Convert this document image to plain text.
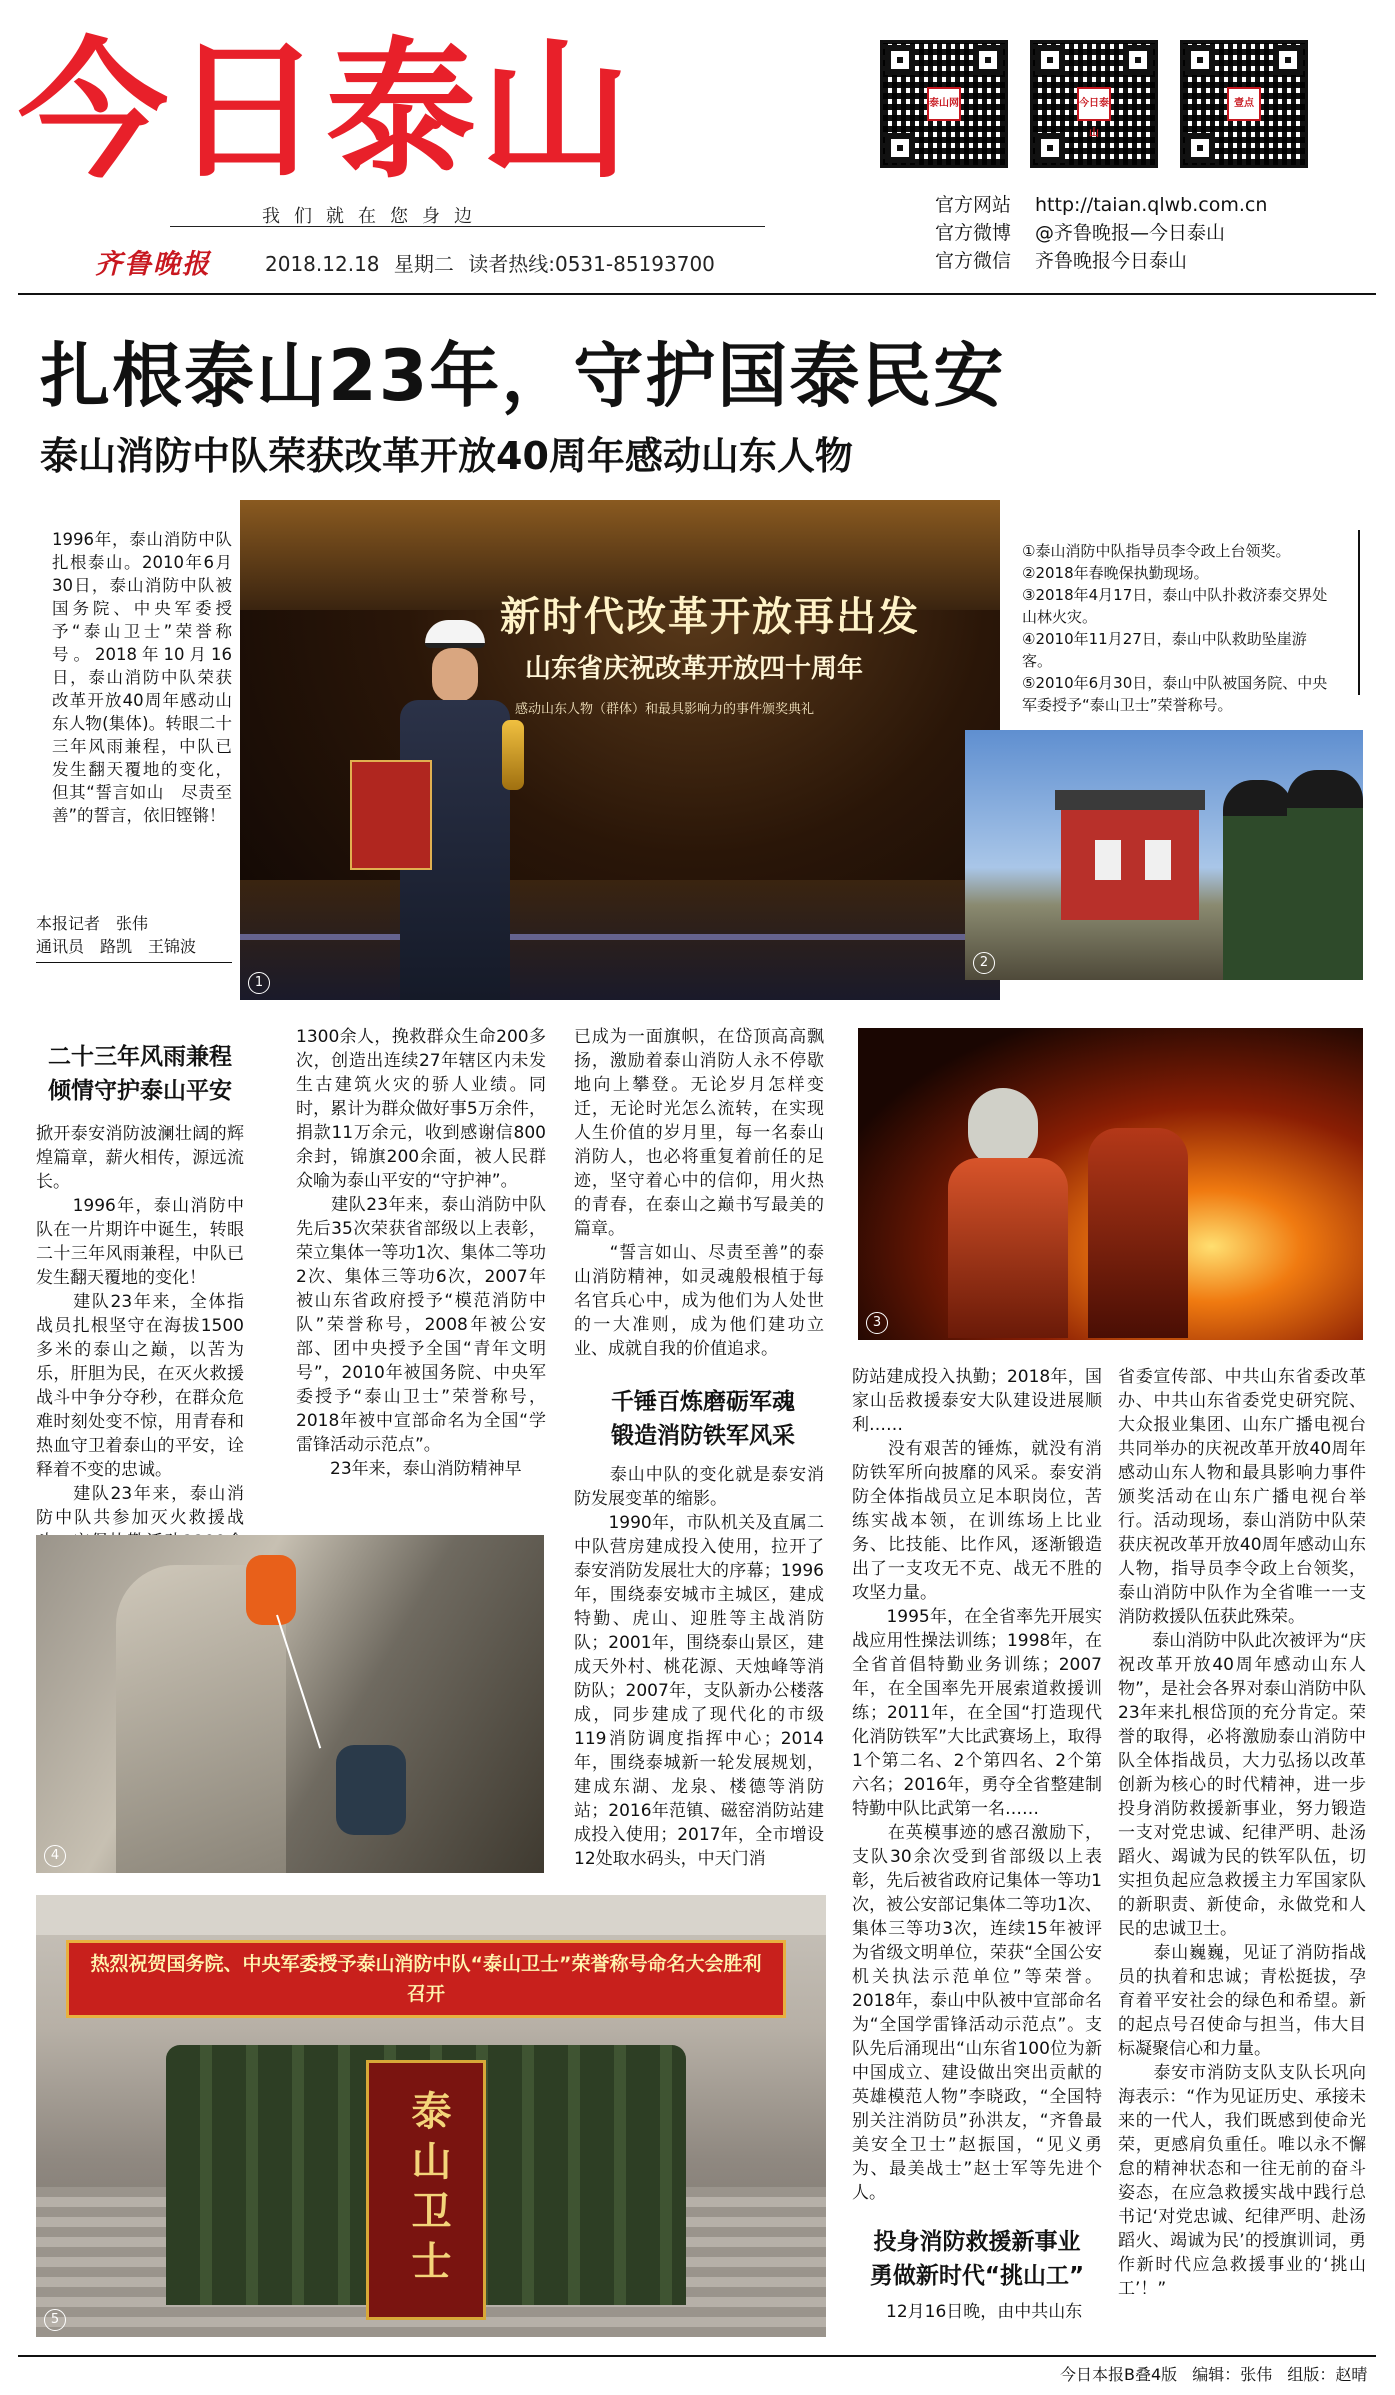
今日泰山
我们就在您身边
齐鲁晚报	2018.12.18 星期二 读者热线:0531-85193700
泰山网	今日泰山
壹点
官方网站 http://taian.qlwb.com.cn
官方微博 @齐鲁晚报—今日泰山
官方微信 齐鲁晚报今日泰山
扎根泰山23年，守护国泰民安
泰山消防中队荣获改革开放40周年感动山东人物
1996年，泰山消防中队扎根泰山。2010年6月30日，泰山消防中队被国务院、中央军委授予“泰山卫士”荣誉称号。2018年10月16日，泰山消防中队荣获改革开放40周年感动山东人物(集体)。转眼二十三年风雨兼程，中队已发生翻天覆地的变化，但其“誓言如山　尽责至善”的誓言，依旧铿锵！
本报记者　张伟
通讯员　路凯　王锦波
新时代改革开放再出发
山东省庆祝改革开放四十周年
感动山东人物（群体）和最具影响力的事件颁奖典礼
1
①泰山消防中队指导员李令政上台领奖。
②2018年春晚保执勤现场。
③2018年4月17日，泰山中队扑救济泰交界处山林火灾。
④2010年11月27日，泰山中队救助坠崖游客。
⑤2010年6月30日，泰山中队被国务院、中央军委授予“泰山卫士”荣誉称号。
2
二十三年风雨兼程
倾情守护泰山平安
掀开泰安消防波澜壮阔的辉煌篇章，薪火相传，源远流长。
　　1996年，泰山消防中队在一片期许中诞生，转眼二十三年风雨兼程，中队已发生翻天覆地的变化！
　　建队23年来，全体指战员扎根坚守在海拔1500多米的泰山之巅，以苦为乐，肝胆为民，在灭火救援战斗中争分夺秒，在群众危难时刻处变不惊，用青春和热血守卫着泰山的平安，诠释着不变的忠诚。
　　建队23年来，泰山消防中队共参加灭火救援战
1300余人，挽救群众生命200多次，创造出连续27年辖区内未发生古建筑火灾的骄人业绩。同时，累计为群众做好事5万余件，捐款11万余元，收到感谢信800余封，锦旗200余面，被人民群众喻为泰山平安的“守护神”。
　　建队23年来，泰山消防中队先后35次荣获省部级以上表彰，荣立集体一等功1次、集体二等功2次、集体三等功6次，2007年被山东省政府授予“模范消防中队”荣誉称号，2008年被公安部、团中央授予全国“青年文明号”，2010年被国务院、中央军委授予“泰山卫士”荣誉称号，2018年被中宣部命名为全国“学雷锋活动示范点”。
　　23年来，泰山消防精神早
已成为一面旗帜，在岱顶高高飘扬，激励着泰山消防人永不停歇地向上攀登。无论岁月怎样变迁，无论时光怎么流转，在实现人生价值的岁月里，每一名泰山消防人，也必将重复着前任的足迹，坚守着心中的信仰，用火热的青春，在泰山之巅书写最美的篇章。
　　“誓言如山、尽责至善”的泰山消防精神，如灵魂般根植于每名官兵心中，成为他们为人处世的一大准则，成为他们建功立业、成就自我的价值追求。
3
千锤百炼磨砺军魂
锻造消防铁军风采
　　泰山中队的变化就是泰安消防发展变革的缩影。
　　1990年，市队机关及直属二中队营房建成投入使用，拉开了泰安消防发展壮大的序幕；1996年，围绕泰安城市主城区，建成特勤、虎山、迎胜等主战消防队；2001年，围绕泰山景区，建成天外村、桃花源、天烛峰等消防队；2007年，支队新办公楼落成，同步建成了现代化的市级119消防调度指挥中心；2014年，围绕泰城新一轮发展规划，建成东湖、龙泉、楼德等消防站；2016年范镇、磁窑消防站建成投入使用；2017年，全市增设12处取水码头，中天门消
4
防站建成投入执勤；2018年，国家山岳救援泰安大队建设进展顺利……
　　没有艰苦的锤炼，就没有消防铁军所向披靡的风采。泰安消防全体指战员立足本职岗位，苦练实战本领，在训练场上比业务、比技能、比作风，逐渐锻造出了一支攻无不克、战无不胜的攻坚力量。
　　1995年，在全省率先开展实战应用性操法训练；1998年，在全省首倡特勤业务训练；2007年，在全国率先开展索道救援训练；2011年，在全国“打造现代化消防铁军”大比武赛场上，取得1个第二名、2个第四名、2个第六名；2016年，勇夺全省整建制特勤中队比武第一名……
　　在英模事迹的感召激励下，支队30余次受到省部级以上表彰，先后被省政府记集体一等功1次，被公安部记集体二等功1次、集体三等功3次，连续15年被评为省级文明单位，荣获“全国公安机关执法示范单位”等荣誉。2018年，泰山中队被中宣部命名为“全国学雷锋活动示范点”。支队先后涌现出“山东省100位为新中国成立、建设做出突出贡献的英雄模范人物”李晓政，“全国特别关注消防员”孙洪友，“齐鲁最美安全卫士”赵振国，“见义勇为、最美战士”赵士军等先进个人。
投身消防救援新事业
勇做新时代“挑山工”
　　12月16日晚，由中共山东
省委宣传部、中共山东省委改革办、中共山东省委党史研究院、大众报业集团、山东广播电视台共同举办的庆祝改革开放40周年感动山东人物和最具影响力事件颁奖活动在山东广播电视台举行。活动现场，泰山消防中队荣获庆祝改革开放40周年感动山东人物，指导员李令政上台领奖，泰山消防中队作为全省唯一一支消防救援队伍获此殊荣。
　　泰山消防中队此次被评为“庆祝改革开放40周年感动山东人物”，是社会各界对泰山消防中队23年来扎根岱顶的充分肯定。荣誉的取得，必将激励泰山消防中队全体指战员，大力弘扬以改革创新为核心的时代精神，进一步投身消防救援新事业，努力锻造一支对党忠诚、纪律严明、赴汤蹈火、竭诚为民的铁军队伍，切实担负起应急救援主力军国家队的新职责、新使命，永做党和人民的忠诚卫士。
　　泰山巍巍，见证了消防指战员的执着和忠诚；青松挺拔，孕育着平安社会的绿色和希望。新的起点号召使命与担当，伟大目标凝聚信心和力量。
　　泰安市消防支队支队长巩向海表示：“作为见证历史、承接未来的一代人，我们既感到使命光荣，更感肩负重任。唯以永不懈怠的精神状态和一往无前的奋斗姿态，在应急救援实战中践行总书记‘对党忠诚、纪律严明、赴汤蹈火、竭诚为民’的授旗训词，勇作新时代应急救援事业的‘挑山工’！”
热烈祝贺国务院、中央军委授予泰山消防中队“泰山卫士”荣誉称号命名大会胜利召开
泰山卫士
5
今日本报B叠4版 编辑：张伟 组版：赵晴
